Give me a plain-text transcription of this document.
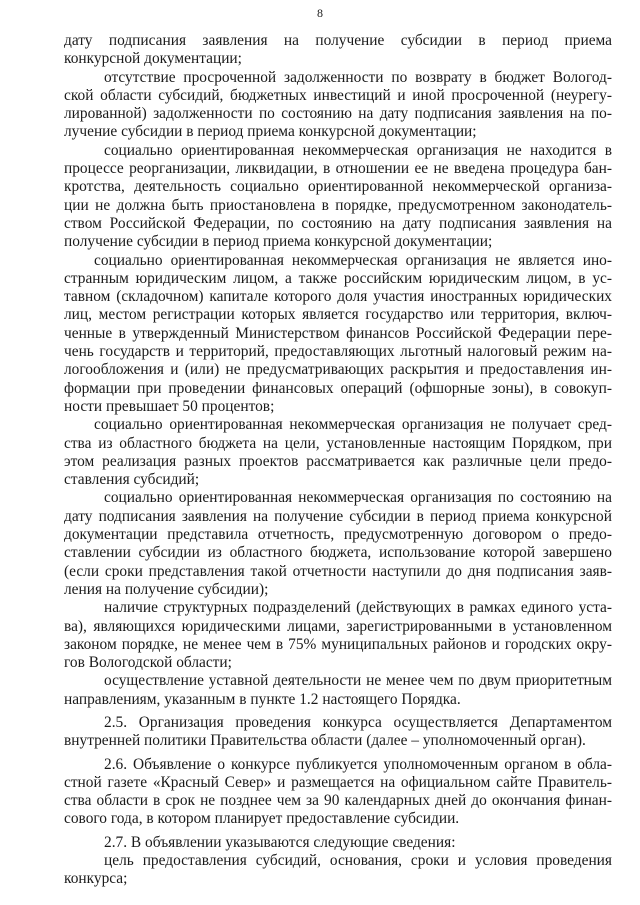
8
дату подписания заявления на получение субсидии в период приема
конкурсной документации;
отсутствие просроченной задолженности по возврату в бюджет Вологод-
ской области субсидий, бюджетных инвестиций и иной просроченной (неурегу-
лированной) задолженности по состоянию на дату подписания заявления на по-
лучение субсидии в период приема конкурсной документации;
социально ориентированная некоммерческая организация не находится в
процессе реорганизации, ликвидации, в отношении ее не введена процедура бан-
кротства, деятельность социально ориентированной некоммерческой организа-
ции не должна быть приостановлена в порядке, предусмотренном законодатель-
ством Российской Федерации, по состоянию на дату подписания заявления на
получение субсидии в период приема конкурсной документации;
социально ориентированная некоммерческая организация не является ино-
странным юридическим лицом, а также российским юридическим лицом, в ус-
тавном (складочном) капитале которого доля участия иностранных юридических
лиц, местом регистрации которых является государство или территория, включ-
ченные в утвержденный Министерством финансов Российской Федерации пере-
чень государств и территорий, предоставляющих льготный налоговый режим на-
логообложения и (или) не предусматривающих раскрытия и предоставления ин-
формации при проведении финансовых операций (офшорные зоны), в совокуп-
ности превышает 50 процентов;
социально ориентированная некоммерческая организация не получает сред-
ства из областного бюджета на цели, установленные настоящим Порядком, при
этом реализация разных проектов рассматривается как различные цели предо-
ставления субсидий;
социально ориентированная некоммерческая организация по состоянию на
дату подписания заявления на получение субсидии в период приема конкурсной
документации представила отчетность, предусмотренную договором о предо-
ставлении субсидии из областного бюджета, использование которой завершено
(если сроки представления такой отчетности наступили до дня подписания заяв-
ления на получение субсидии);
наличие структурных подразделений (действующих в рамках единого уста-
ва), являющихся юридическими лицами, зарегистрированными в установленном
законом порядке, не менее чем в 75% муниципальных районов и городских окру-
гов Вологодской области;
осуществление уставной деятельности не менее чем по двум приоритетным
направлениям, указанным в пункте 1.2 настоящего Порядка.
2.5. Организация проведения конкурса осуществляется Департаментом
внутренней политики Правительства области (далее – уполномоченный орган).
2.6. Объявление о конкурсе публикуется уполномоченным органом в обла-
стной газете «Красный Север» и размещается на официальном сайте Правитель-
ства области в срок не позднее чем за 90 календарных дней до окончания финан-
сового года, в котором планирует предоставление субсидии.
2.7. В объявлении указываются следующие сведения:
цель предоставления субсидий, основания, сроки и условия проведения
конкурса;
